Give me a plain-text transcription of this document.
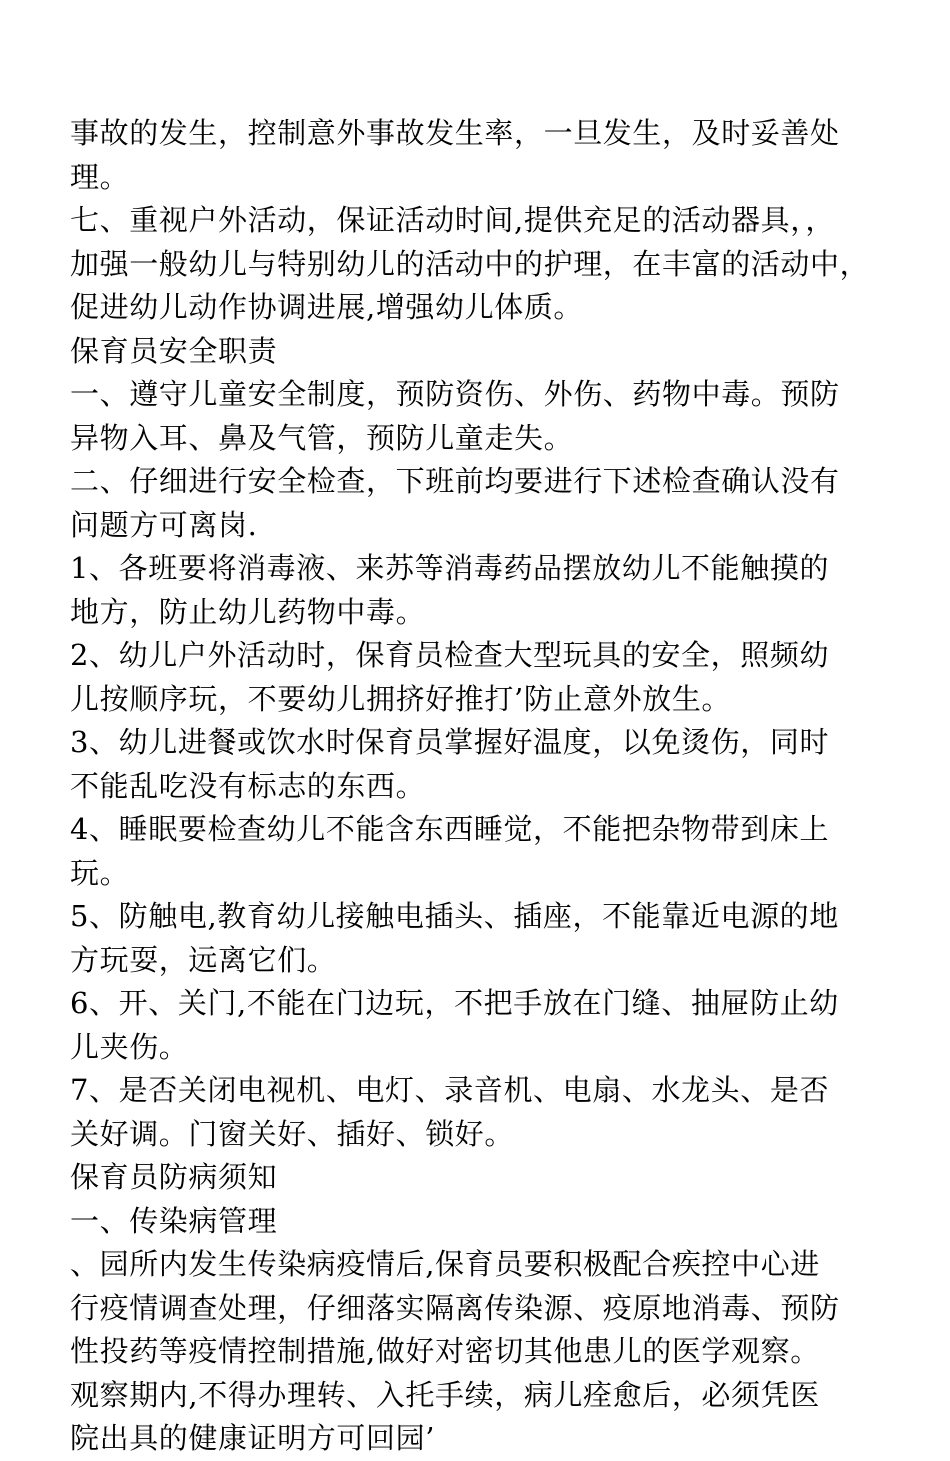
事故的发生，控制意外事故发生率，一旦发生，及时妥善处
理。
七、重视户外活动，保证活动时间,提供充足的活动器具，，
加强一般幼儿与特别幼儿的活动中的护理，在丰富的活动中，
促进幼儿动作协调进展,增强幼儿体质。
保育员安全职责
一、遵守儿童安全制度，预防资伤、外伤、药物中毒。预防
异物入耳、鼻及气管，预防儿童走失。
二、仔细进行安全检查，下班前均要进行下述检查确认没有
问题方可离岗.
1、各班要将消毒液、来苏等消毒药品摆放幼儿不能触摸的
地方，防止幼儿药物中毒。
2、幼儿户外活动时，保育员检查大型玩具的安全，照频幼
儿按顺序玩，不要幼儿拥挤好推打’防止意外放生。
3、幼儿进餐或饮水时保育员掌握好温度，以免烫伤，同时
不能乱吃没有标志的东西。
4、睡眠要检查幼儿不能含东西睡觉，不能把杂物带到床上
玩。
5、防触电,教育幼儿接触电插头、插座，不能靠近电源的地
方玩耍，远离它们。
6、开、关门,不能在门边玩，不把手放在门缝、抽屉防止幼
儿夹伤。
7、是否关闭电视机、电灯、录音机、电扇、水龙头、是否
关好调。门窗关好、插好、锁好。
保育员防病须知
一、传染病管理
、园所内发生传染病疫情后,保育员要积极配合疾控中心进
行疫情调查处理，仔细落实隔离传染源、疫原地消毒、预防
性投药等疫情控制措施,做好对密切其他患儿的医学观察。
观察期内,不得办理转、入托手续，病儿痊愈后，必须凭医
院出具的健康证明方可回园’
